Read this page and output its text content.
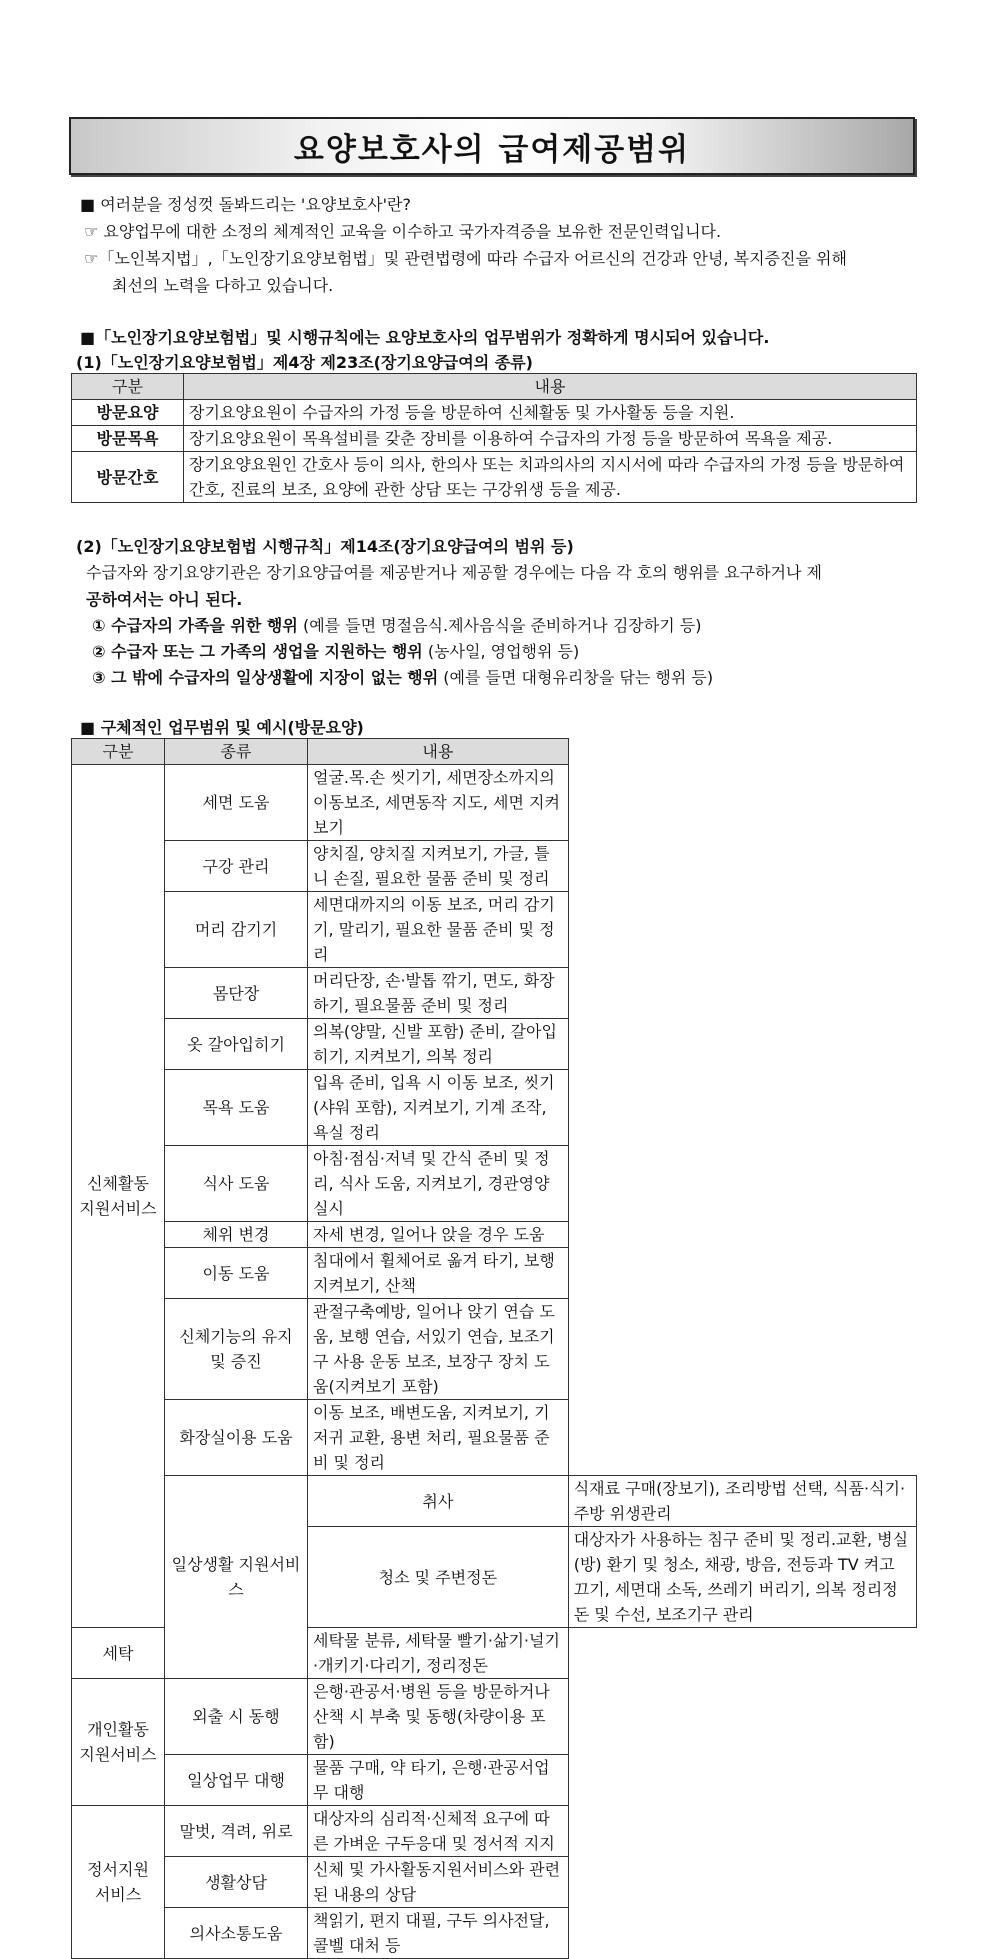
요양보호사의 급여제공범위
■ 여러분을 정성껏 돌봐드리는 '요양보호사'란?
☞ 요양업무에 대한 소정의 체계적인 교육을 이수하고 국가자격증을 보유한 전문인력입니다.
☞「노인복지법」,「노인장기요양보험법」및 관련법령에 따라 수급자 어르신의 건강과 안녕, 복지증진을 위해
최선의 노력을 다하고 있습니다.
■「노인장기요양보험법」및 시행규칙에는 요양보호사의 업무범위가 정확하게 명시되어 있습니다.
(1)「노인장기요양보험법」제4장 제23조(장기요양급여의 종류)
구분	내용
방문요양	장기요양요원이 수급자의 가정 등을 방문하여 신체활동 및 가사활동 등을 지원.
방문목욕	장기요양요원이 목욕설비를 갖춘 장비를 이용하여 수급자의 가정 등을 방문하여 목욕을 제공.
방문간호	장기요양요원인 간호사 등이 의사, 한의사 또는 치과의사의 지시서에 따라 수급자의 가정 등을 방문하여 간호, 진료의 보조, 요양에 관한 상담 또는 구강위생 등을 제공.
(2)「노인장기요양보험법 시행규칙」제14조(장기요양급여의 범위 등)
수급자와 장기요양기관은 장기요양급여를 제공받거나 제공할 경우에는 다음 각 호의 행위를 요구하거나 제
공하여서는 아니 된다.
① 수급자의 가족을 위한 행위 (예를 들면 명절음식.제사음식을 준비하거나 김장하기 등)
② 수급자 또는 그 가족의 생업을 지원하는 행위 (농사일, 영업행위 등)
③ 그 밖에 수급자의 일상생활에 지장이 없는 행위 (예를 들면 대형유리창을 닦는 행위 등)
■ 구체적인 업무범위 및 예시(방문요양)
구분	종류	내용	
신체활동 지원서비스	세면 도움	얼굴.목.손 씻기기, 세면장소까지의 이동보조, 세면동작 지도, 세면 지켜보기	
	구강 관리	양치질, 양치질 지켜보기, 가글, 틀니 손질, 필요한 물품 준비 및 정리	
	머리 감기기	세면대까지의 이동 보조, 머리 감기기, 말리기, 필요한 물품 준비 및 정리	
	몸단장	머리단장, 손·발톱 깎기, 면도, 화장하기, 필요물품 준비 및 정리	
	옷 갈아입히기	의복(양말, 신발 포함) 준비, 갈아입히기, 지켜보기, 의복 정리	
	목욕 도움	입욕 준비, 입욕 시 이동 보조, 씻기(샤워 포함), 지켜보기, 기계 조작, 욕실 정리	
	식사 도움	아침·점심·저녁 및 간식 준비 및 정리, 식사 도움, 지켜보기, 경관영양실시	
	체위 변경	자세 변경, 일어나 앉을 경우 도움	
	이동 도움	침대에서 휠체어로 옮겨 타기, 보행 지켜보기, 산책	
	신체기능의 유지 및 증진	관절구축예방, 일어나 앉기 연습 도움, 보행 연습, 서있기 연습, 보조기구 사용 운동 보조, 보장구 장치 도움(지켜보기 포함)	
	화장실이용 도움	이동 보조, 배변도움, 지켜보기, 기저귀 교환, 용변 처리, 필요물품 준비 및 정리	
	일상생활 지원서비스	취사	식재료 구매(장보기), 조리방법 선택, 식품·식기·주방 위생관리
		청소 및 주변정돈	대상자가 사용하는 침구 준비 및 정리.교환, 병실(방) 환기 및 청소, 채광, 방음, 전등과 TV 켜고 끄기, 세면대 소독, 쓰레기 버리기, 의복 정리정돈 및 수선, 보조기구 관리
세탁		세탁물 분류, 세탁물 빨기·삶기·널기·개키기·다리기, 정리정돈	
개인활동 지원서비스	외출 시 동행	은행·관공서·병원 등을 방문하거나 산책 시 부축 및 동행(차량이용 포함)	
	일상업무 대행	물품 구매, 약 타기, 은행·관공서업무 대행	
정서지원 서비스	말벗, 격려, 위로	대상자의 심리적·신체적 요구에 따른 가벼운 구두응대 및 정서적 지지	
	생활상담	신체 및 가사활동지원서비스와 관련된 내용의 상담	
	의사소통도움	책읽기, 편지 대필, 구두 의사전달, 콜벨 대처 등	
